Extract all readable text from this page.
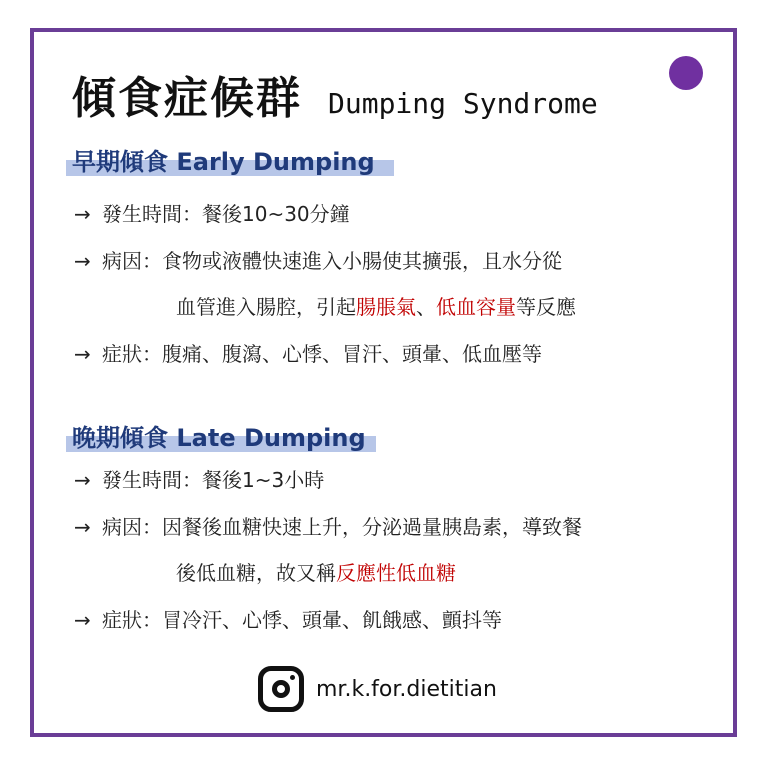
傾食症候群 Dumping Syndrome
早期傾食 Early Dumping
→ 發生時間：餐後10~30分鐘
→ 病因：食物或液體快速進入小腸使其擴張，且水分從
血管進入腸腔，引起腸脹氣、低血容量等反應
→ 症狀：腹痛、腹瀉、心悸、冒汗、頭暈、低血壓等
晚期傾食 Late Dumping
→ 發生時間：餐後1~3小時
→ 病因：因餐後血糖快速上升，分泌過量胰島素，導致餐
後低血糖，故又稱反應性低血糖
→ 症狀：冒冷汗、心悸、頭暈、飢餓感、顫抖等
mr.k.for.dietitian
